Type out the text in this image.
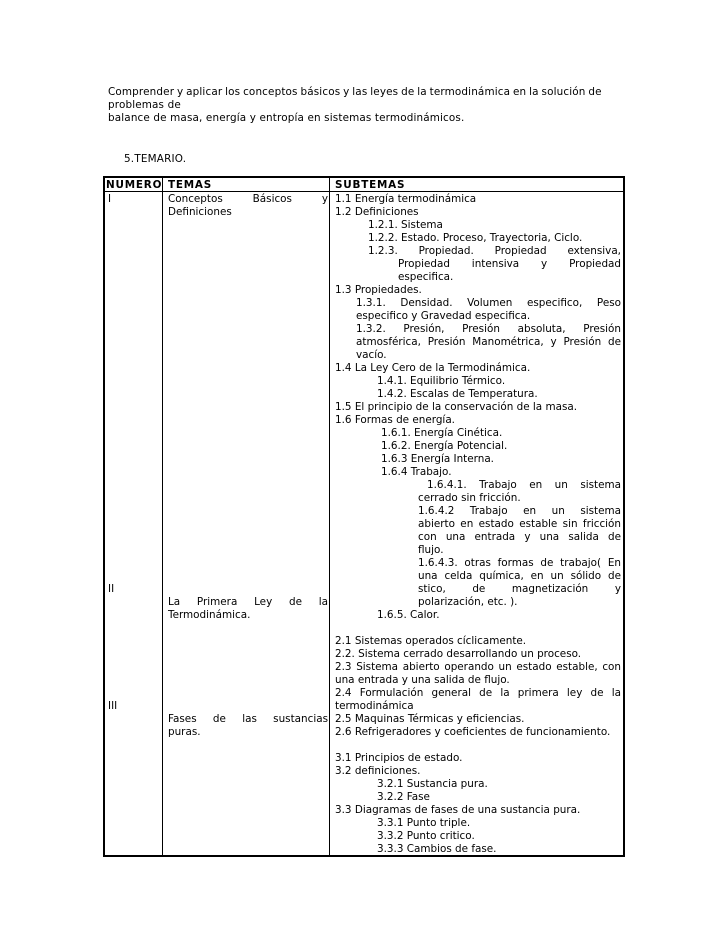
Comprender y aplicar los conceptos básicos y las leyes de la termodinámica en la solución de
problemas de
balance de masa, energía y entropía en sistemas termodinámicos.
5.TEMARIO.
NUMERO TEMAS	SUBTEMAS
I
II
III
Conceptos Básicos y
Definiciones
La Primera Ley de la
Termodinámica.
Fases de las sustancias
puras.
1.1 Energía termodinámica
1.2 Definiciones
1.2.1. Sistema
1.2.2. Estado. Proceso, Trayectoria, Ciclo.
1.2.3. Propiedad. Propiedad extensiva,
Propiedad intensiva y Propiedad
especifica.
1.3 Propiedades.
1.3.1. Densidad. Volumen especifico, Peso
especifico y Gravedad especifica.
1.3.2. Presión, Presión absoluta, Presión
atmosférica, Presión Manométrica, y Presión de
vacío.
1.4 La Ley Cero de la Termodinámica.
1.4.1. Equilibrio Térmico.
1.4.2. Escalas de Temperatura.
1.5 El principio de la conservación de la masa.
1.6 Formas de energía.
1.6.1. Energía Cinética.
1.6.2. Energía Potencial.
1.6.3 Energía Interna.
1.6.4 Trabajo.
1.6.4.1. Trabajo en un sistema
cerrado sin fricción.
1.6.4.2 Trabajo en un sistema
abierto en estado estable sin fricción
con una entrada y una salida de
flujo.
1.6.4.3. otras formas de trabajo( En
una celda química, en un sólido de
stico, de magnetización y
polarización, etc. ).
1.6.5. Calor.
2.1 Sistemas operados cíclicamente.
2.2. Sistema cerrado desarrollando un proceso.
2.3 Sistema abierto operando un estado estable, con
una entrada y una salida de flujo.
2.4 Formulación general de la primera ley de la
termodinámica
2.5 Maquinas Térmicas y eficiencias.
2.6 Refrigeradores y coeficientes de funcionamiento.
3.1 Principios de estado.
3.2 definiciones.
3.2.1 Sustancia pura.
3.2.2 Fase
3.3 Diagramas de fases de una sustancia pura.
3.3.1 Punto triple.
3.3.2 Punto critico.
3.3.3 Cambios de fase.
